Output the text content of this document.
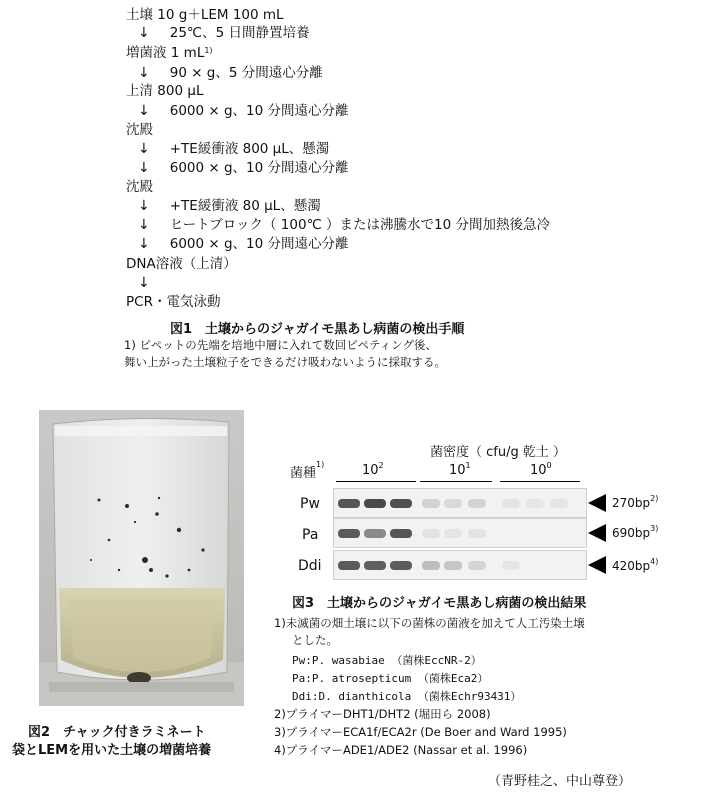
土壌 10 g＋LEM 100 mL
↓ 25℃、5 日間静置培養
増菌液 1 $mL^{1)}$
↓ 90 × g、5 分間遠心分離
上清 800 μL
↓ 6000 × g、10 分間遠心分離
沈殿
↓ +TE緩衝液 800 μL、懸濁
↓ 6000 × g、10 分間遠心分離
沈殿
↓ +TE緩衝液 80 μL、懸濁
↓ ヒートブロック（ 100℃ ）または沸騰水で10 分間加熱後急冷
↓ 6000 × g、10 分間遠心分離
DNA溶液（上清）
↓
PCR・電気泳動
図1　土壌からのジャガイモ黒あし病菌の検出手順
1) ピペットの先端を培地中層に入れて数回ピペティング後、
舞い上がった土壌粒子をできるだけ吸わないように採取する。
図2　チャック付きラミネート
袋とLEMを用いた土壌の増菌培養
菌密度（ cfu/g 乾土 ）
菌種$^{1)}$	$10^2$	$10^1$	$10^0$
Pw	$270bp^{2)}$
Pa	$690bp^{3)}$
Ddi	$420bp^{4)}$
図3　土壌からのジャガイモ黒あし病菌の検出結果
1)未滅菌の畑土壌に以下の菌株の菌液を加えて人工汚染土壌
とした。
Pw:P. wasabiae （菌株EccNR-2）
Pa:P. atrosepticum （菌株Eca2）
Ddi:D. dianthicola （菌株Echr93431）
2)プライマーDHT1/DHT2 (堀田ら 2008)
3)プライマーECA1f/ECA2r (De Boer and Ward 1995)
4)プライマーADE1/ADE2 (Nassar et al. 1996)
（青野桂之、中山尊登）
